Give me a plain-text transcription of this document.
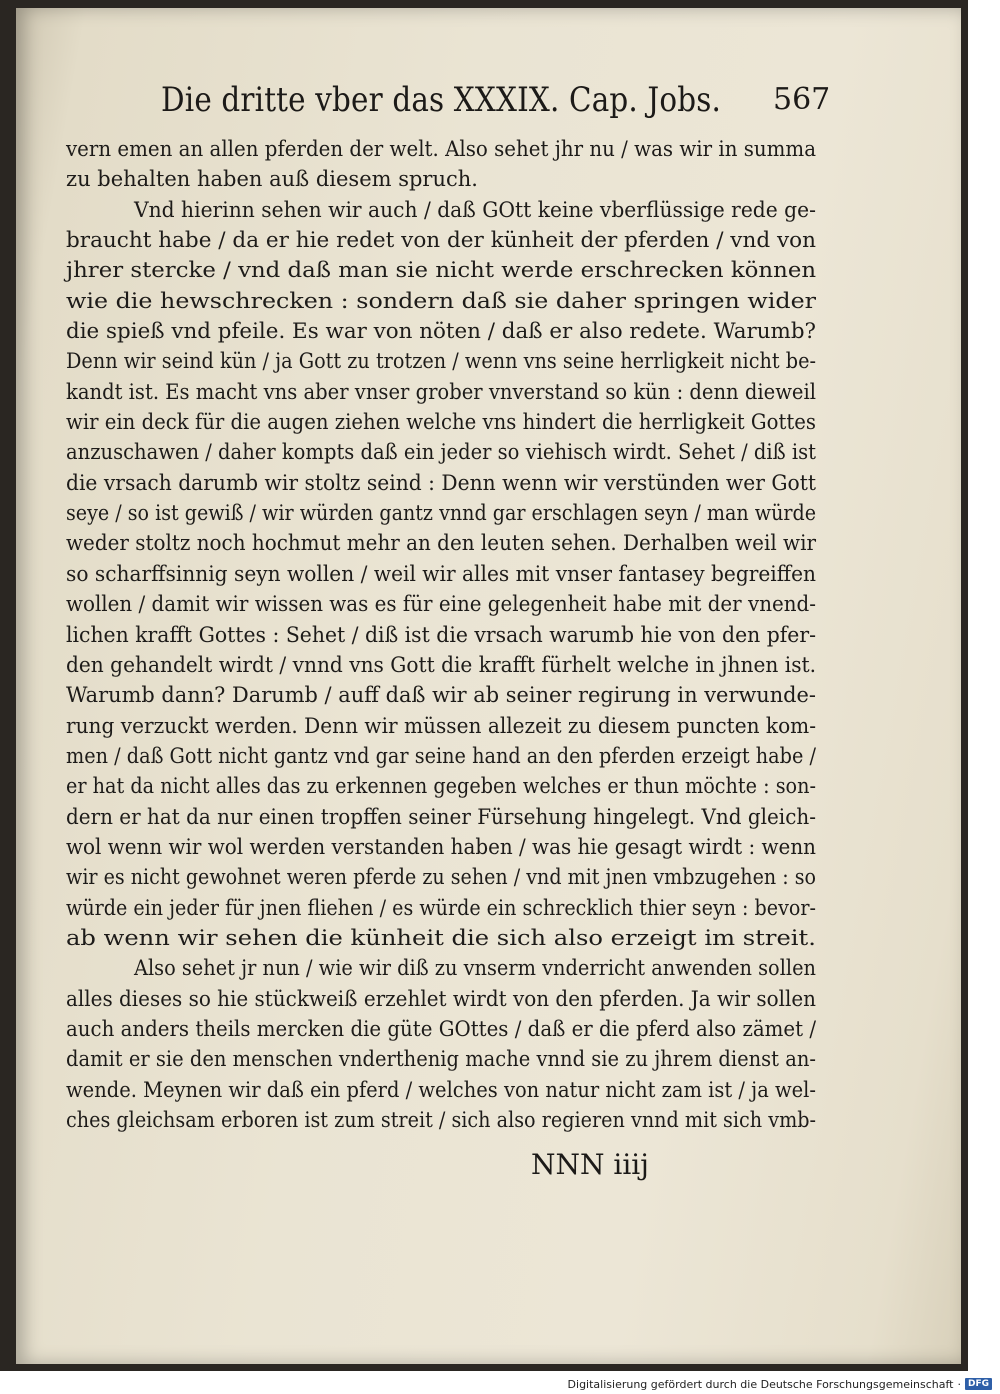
Die dritte vber das XXXIX. Cap. Jobs. 567
vern emen an allen pferden der welt. Also sehet jhr nu / was wir in summa
zu behalten haben auß diesem spruch.
Vnd hierinn sehen wir auch / daß GOtt keine vberflüssige rede ge-
braucht habe / da er hie redet von der künheit der pferden / vnd von
jhrer stercke / vnd daß man sie nicht werde erschrecken können
wie die hewschrecken : sondern daß sie daher springen wider
die spieß vnd pfeile. Es war von nöten / daß er also redete. Warumb?
Denn wir seind kün / ja Gott zu trotzen / wenn vns seine herrligkeit nicht be-
kandt ist. Es macht vns aber vnser grober vnverstand so kün : denn dieweil
wir ein deck für die augen ziehen welche vns hindert die herrligkeit Gottes
anzuschawen / daher kompts daß ein jeder so viehisch wirdt. Sehet / diß ist
die vrsach darumb wir stoltz seind : Denn wenn wir verstünden wer Gott
seye / so ist gewiß / wir würden gantz vnnd gar erschlagen seyn / man würde
weder stoltz noch hochmut mehr an den leuten sehen. Derhalben weil wir
so scharffsinnig seyn wollen / weil wir alles mit vnser fantasey begreiffen
wollen / damit wir wissen was es für eine gelegenheit habe mit der vnend-
lichen krafft Gottes : Sehet / diß ist die vrsach warumb hie von den pfer-
den gehandelt wirdt / vnnd vns Gott die krafft fürhelt welche in jhnen ist.
Warumb dann? Darumb / auff daß wir ab seiner regirung in verwunde-
rung verzuckt werden. Denn wir müssen allezeit zu diesem puncten kom-
men / daß Gott nicht gantz vnd gar seine hand an den pferden erzeigt habe /
er hat da nicht alles das zu erkennen gegeben welches er thun möchte : son-
dern er hat da nur einen tropffen seiner Fürsehung hingelegt. Vnd gleich-
wol wenn wir wol werden verstanden haben / was hie gesagt wirdt : wenn
wir es nicht gewohnet weren pferde zu sehen / vnd mit jnen vmbzugehen : so
würde ein jeder für jnen fliehen / es würde ein schrecklich thier seyn : bevor-
ab wenn wir sehen die künheit die sich also erzeigt im streit.
Also sehet jr nun / wie wir diß zu vnserm vnderricht anwenden sollen
alles dieses so hie stückweiß erzehlet wirdt von den pferden. Ja wir sollen
auch anders theils mercken die güte GOttes / daß er die pferd also zämet /
damit er sie den menschen vnderthenig mache vnnd sie zu jhrem dienst an-
wende. Meynen wir daß ein pferd / welches von natur nicht zam ist / ja wel-
ches gleichsam erboren ist zum streit / sich also regieren vnnd mit sich vmb-
NNN iiij
Digitalisierung gefördert durch die Deutsche Forschungsgemeinschaft · DFG
